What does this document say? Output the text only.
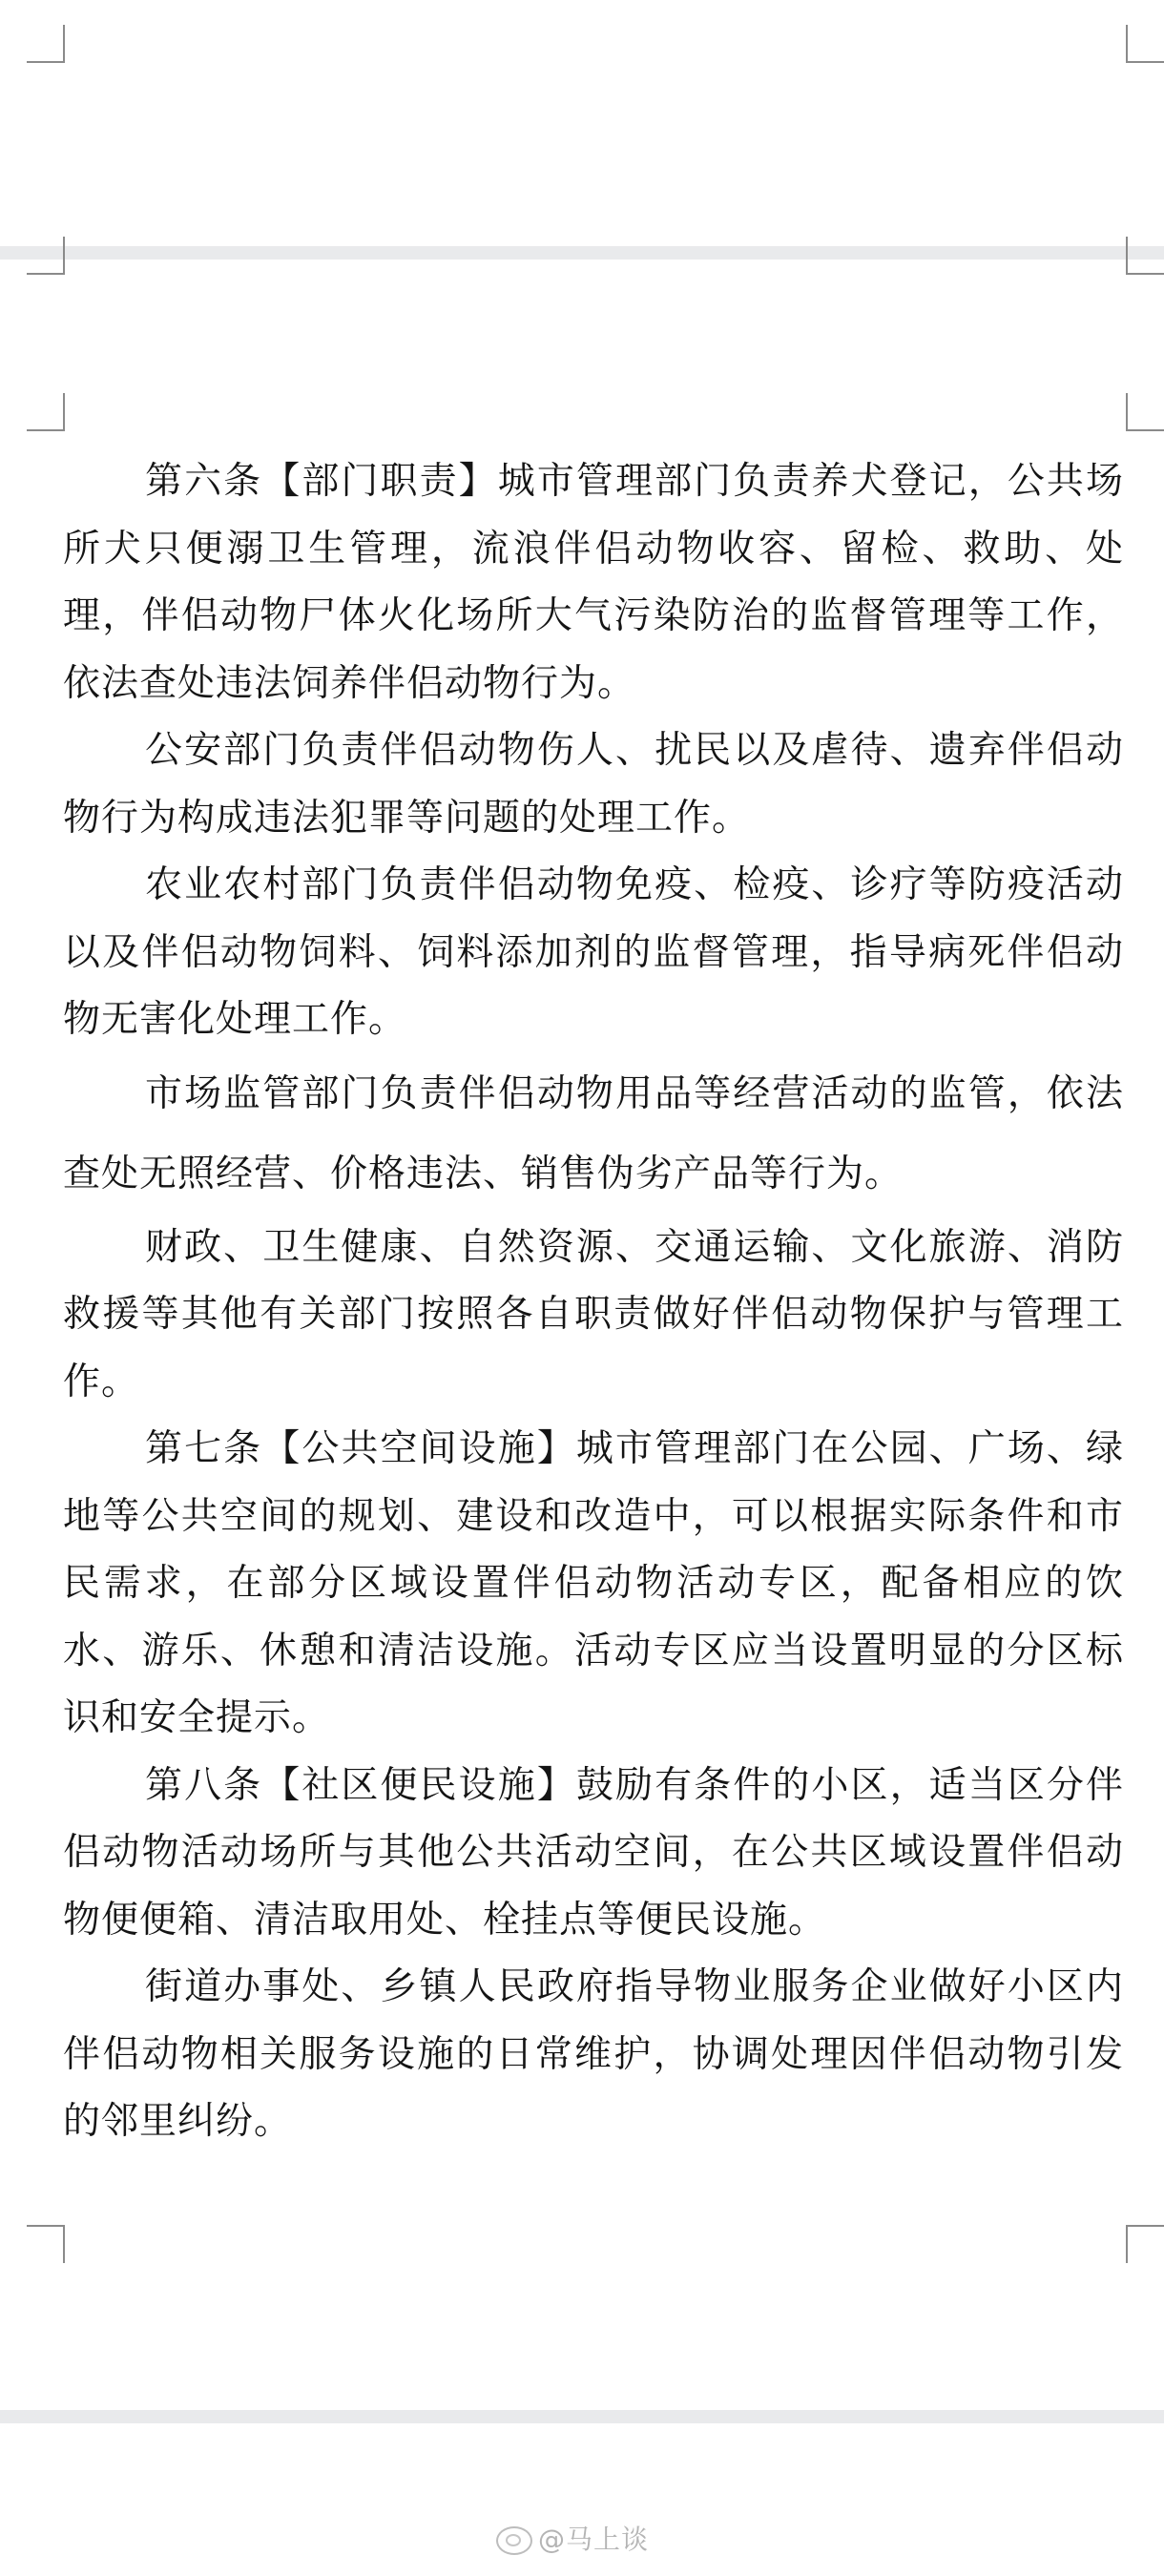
第六条【部门职责】城市管理部门负责养犬登记，公共场所犬只便溺卫生管理，流浪伴侣动物收容、留检、救助、处理，伴侣动物尸体火化场所大气污染防治的监督管理等工作，依法查处违法饲养伴侣动物行为。

公安部门负责伴侣动物伤人、扰民以及虐待、遗弃伴侣动物行为构成违法犯罪等问题的处理工作。

农业农村部门负责伴侣动物免疫、检疫、诊疗等防疫活动以及伴侣动物饲料、饲料添加剂的监督管理，指导病死伴侣动物无害化处理工作。

市场监管部门负责伴侣动物用品等经营活动的监管，依法查处无照经营、价格违法、销售伪劣产品等行为。

财政、卫生健康、自然资源、交通运输、文化旅游、消防救援等其他有关部门按照各自职责做好伴侣动物保护与管理工作。

第七条【公共空间设施】城市管理部门在公园、广场、绿地等公共空间的规划、建设和改造中，可以根据实际条件和市民需求，在部分区域设置伴侣动物活动专区，配备相应的饮水、游乐、休憩和清洁设施。活动专区应当设置明显的分区标识和安全提示。

第八条【社区便民设施】鼓励有条件的小区，适当区分伴侣动物活动场所与其他公共活动空间，在公共区域设置伴侣动物便便箱、清洁取用处、栓挂点等便民设施。

街道办事处、乡镇人民政府指导物业服务企业做好小区内伴侣动物相关服务设施的日常维护，协调处理因伴侣动物引发的邻里纠纷。

@马上谈
